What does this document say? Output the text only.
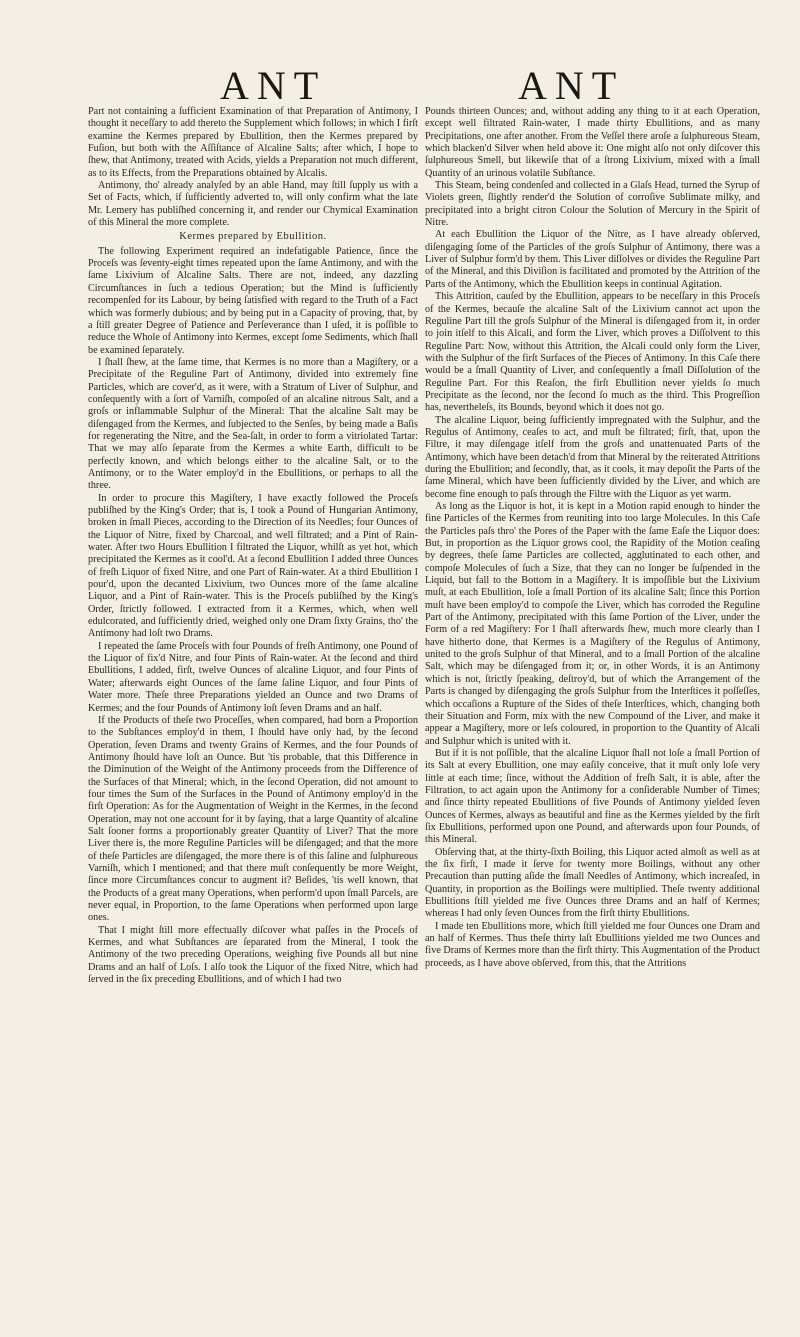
ANT	ANT

Part not containing a ſufficient Examination of that Preparation of Antimony, I thought it neceſſary to add thereto the Supplement which follows; in which I firſt examine the Kermes prepared by Ebullition, then the Kermes prepared by Fuſion, but both with the Aſſiſtance of Alcaline Salts; after which, I hope to ſhew, that Antimony, treated with Acids, yields a Preparation not much different, as to its Effects, from the Preparations obtained by Alcalis.

Antimony, tho' already analyſed by an able Hand, may ſtill ſupply us with a Set of Facts, which, if ſufficiently adverted to, will only confirm what the late Mr. Lemery has publiſhed concerning it, and render our Chymical Examination of this Mineral the more complete.

Kermes prepared by Ebullition.

The following Experiment required an indefatigable Patience, ſince the Proceſs was ſeventy-eight times repeated upon the ſame Antimony, and with the ſame Lixivium of Alcaline Salts. There are not, indeed, any dazzling Circumſtances in ſuch a tedious Operation; but the Mind is ſufficiently recompenſed for its Labour, by being ſatisfied with regard to the Truth of a Fact which was formerly dubious; and by being put in a Capacity of proving, that, by a ſtill greater Degree of Patience and Perſeverance than I uſed, it is poſſible to reduce the Whole of Antimony into Kermes, except ſome Sediments, which ſhall be examined ſeparately.

I ſhall ſhew, at the ſame time, that Kermes is no more than a Magiſtery, or a Precipitate of the Reguline Part of Antimony, divided into extremely fine Particles, which are cover'd, as it were, with a Stratum of Liver of Sulphur, and conſequently with a ſort of Varniſh, compoſed of an alcaline nitrous Salt, and a groſs or inflammable Sulphur of the Mineral: That the alcaline Salt may be diſengaged from the Kermes, and ſubjected to the Senſes, by being made a Baſis for regenerating the Nitre, and the Sea-ſalt, in order to form a vitriolated Tartar: That we may alſo ſeparate from the Kermes a white Earth, difficult to be perfectly known, and which belongs either to the alcaline Salt, or to the Antimony, or to the Water employ'd in the Ebullitions, or perhaps to all the three.

In order to procure this Magiſtery, I have exactly followed the Proceſs publiſhed by the King's Order; that is, I took a Pound of Hungarian Antimony, broken in ſmall Pieces, according to the Direction of its Needles; four Ounces of the Liquor of Nitre, fixed by Charcoal, and well filtrated; and a Pint of Rain-water. After two Hours Ebullition I filtrated the Liquor, whilſt as yet hot, which precipitated the Kermes as it cool'd. At a ſecond Ebullition I added three Ounces of freſh Liquor of fixed Nitre, and one Part of Rain-water. At a third Ebullition I pour'd, upon the decanted Lixivium, two Ounces more of the ſame alcaline Liquor, and a Pint of Rain-water. This is the Proceſs publiſhed by the King's Order, ſtrictly followed. I extracted from it a Kermes, which, when well edulcorated, and ſufficiently dried, weighed only one Dram ſixty Grains, tho' the Antimony had loſt two Drams.

I repeated the ſame Proceſs with four Pounds of freſh Antimony, one Pound of the Liquor of fix'd Nitre, and four Pints of Rain-water. At the ſecond and third Ebullitions, I added, firſt, twelve Ounces of alcaline Liquor, and four Pints of Water; afterwards eight Ounces of the ſame ſaline Liquor, and four Pints of Water more. Theſe three Preparations yielded an Ounce and two Drams of Kermes; and the four Pounds of Antimony loſt ſeven Drams and an half.

If the Products of theſe two Proceſſes, when compared, had born a Proportion to the Subſtances employ'd in them, I ſhould have only had, by the ſecond Operation, ſeven Drams and twenty Grains of Kermes, and the four Pounds of Antimony ſhould have loſt an Ounce. But 'tis probable, that this Difference in the Diminution of the Weight of the Antimony proceeds from the Difference of the Surfaces of that Mineral; which, in the ſecond Operation, did not amount to four times the Sum of the Surfaces in the Pound of Antimony employ'd in the firſt Operation: As for the Augmentation of Weight in the Kermes, in the ſecond Operation, may not one account for it by ſaying, that a large Quantity of alcaline Salt ſooner forms a proportionably greater Quantity of Liver? That the more Liver there is, the more Reguline Particles will be diſengaged; and that the more of theſe Particles are diſengaged, the more there is of this ſaline and ſulphureous Varniſh, which I mentioned; and that there muſt conſequently be more Weight, ſince more Circumſtances concur to augment it? Beſides, 'tis well known, that the Products of a great many Operations, when perform'd upon ſmall Parcels, are never equal, in Proportion, to the ſame Operations when performed upon large ones.

That I might ſtill more effectually diſcover what paſſes in the Proceſs of Kermes, and what Subſtances are ſeparated from the Mineral, I took the Antimony of the two preceding Operations, weighing five Pounds all but nine Drams and an half of Loſs. I alſo took the Liquor of the fixed Nitre, which had ſerved in the ſix preceding Ebullitions, and of which I had two

Pounds thirteen Ounces; and, without adding any thing to it at each Operation, except well filtrated Rain-water, I made thirty Ebullitions, and as many Precipitations, one after another. From the Veſſel there aroſe a ſulphureous Steam, which blacken'd Silver when held above it: One might alſo not only diſcover this ſulphureous Smell, but likewiſe that of a ſtrong Lixivium, mixed with a ſmall Quantity of an urinous volatile Subſtance.

This Steam, being condenſed and collected in a Glaſs Head, turned the Syrup of Violets green, ſlightly render'd the Solution of corroſive Sublimate milky, and precipitated into a bright citron Colour the Solution of Mercury in the Spirit of Nitre.

At each Ebullition the Liquor of the Nitre, as I have already obſerved, diſengaging ſome of the Particles of the groſs Sulphur of Antimony, there was a Liver of Sulphur form'd by them. This Liver diſſolves or divides the Reguline Part of the Mineral, and this Diviſion is facilitated and promoted by the Attrition of the Parts of the Antimony, which the Ebullition keeps in continual Agitation.

This Attrition, cauſed by the Ebullition, appears to be neceſſary in this Proceſs of the Kermes, becauſe the alcaline Salt of the Lixivium cannot act upon the Reguline Part till the groſs Sulphur of the Mineral is diſengaged from it, in order to join itſelf to this Alcali, and form the Liver, which proves a Diſſolvent to this Reguline Part: Now, without this Attrition, the Alcali could only form the Liver, with the Sulphur of the firſt Surfaces of the Pieces of Antimony. In this Caſe there would be a ſmall Quantity of Liver, and conſequently a ſmall Diſſolution of the Reguline Part. For this Reaſon, the firſt Ebullition never yields ſo much Precipitate as the ſecond, nor the ſecond ſo much as the third. This Progreſſion has, nevertheleſs, its Bounds, beyond which it does not go.

The alcaline Liquor, being ſufficiently impregnated with the Sulphur, and the Regulus of Antimony, ceaſes to act, and muſt be filtrated; firſt, that, upon the Filtre, it may diſengage itſelf from the groſs and unattenuated Parts of the Antimony, which have been detach'd from that Mineral by the reiterated Attritions during the Ebullition; and ſecondly, that, as it cools, it may depoſit the Parts of the ſame Mineral, which have been ſufficiently divided by the Liver, and which are become fine enough to paſs through the Filtre with the Liquor as yet warm.

As long as the Liquor is hot, it is kept in a Motion rapid enough to hinder the fine Particles of the Kermes from reuniting into too large Molecules. In this Caſe the Particles paſs thro' the Pores of the Paper with the ſame Eaſe the Liquor does: But, in proportion as the Liquor grows cool, the Rapidity of the Motion ceaſing by degrees, theſe ſame Particles are collected, agglutinated to each other, and compoſe Molecules of ſuch a Size, that they can no longer be ſuſpended in the Liquid, but fall to the Bottom in a Magiſtery. It is impoſſible but the Lixivium muſt, at each Ebullition, loſe a ſmall Portion of its alcaline Salt; ſince this Portion muſt have been employ'd to compoſe the Liver, which has corroded the Reguline Part of the Antimony, precipitated with this ſame Portion of the Liver, under the Form of a red Magiſtery: For I ſhall afterwards ſhew, much more clearly than I have hitherto done, that Kermes is a Magiſtery of the Regulus of Antimony, united to the groſs Sulphur of that Mineral, and to a ſmall Portion of the alcaline Salt, which may be diſengaged from it; or, in other Words, it is an Antimony which is not, ſtrictly ſpeaking, deſtroy'd, but of which the Arrangement of the Parts is changed by diſengaging the groſs Sulphur from the Interſtices it poſſeſſes, which occaſions a Rupture of the Sides of theſe Interſtices, which, changing both their Situation and Form, mix with the new Compound of the Liver, and make it appear a Magiſtery, more or leſs coloured, in proportion to the Quantity of Alcali and Sulphur which is united with it.

But if it is not poſſible, that the alcaline Liquor ſhall not loſe a ſmall Portion of its Salt at every Ebullition, one may eaſily conceive, that it muſt only loſe very little at each time; ſince, without the Addition of freſh Salt, it is able, after the Filtration, to act again upon the Antimony for a conſiderable Number of Times; and ſince thirty repeated Ebullitions of five Pounds of Antimony yielded ſeven Ounces of Kermes, always as beautiful and fine as the Kermes yielded by the firſt ſix Ebullitions, performed upon one Pound, and afterwards upon four Pounds, of this Mineral.

Obſerving that, at the thirty-ſixth Boiling, this Liquor acted almoſt as well as at the ſix firſt, I made it ſerve for twenty more Boilings, without any other Precaution than putting aſide the ſmall Needles of Antimony, which increaſed, in Quantity, in proportion as the Boilings were multiplied. Theſe twenty additional Ebullitions ſtill yielded me five Ounces three Drams and an half of Kermes; whereas I had only ſeven Ounces from the firſt thirty Ebullitions.

I made ten Ebullitions more, which ſtill yielded me four Ounces one Dram and an half of Kermes. Thus theſe thirty laſt Ebullitions yielded me two Ounces and five Drams of Kermes more than the firſt thirty. This Augmentation of the Product proceeds, as I have above obſerved, from this, that the Attritions
